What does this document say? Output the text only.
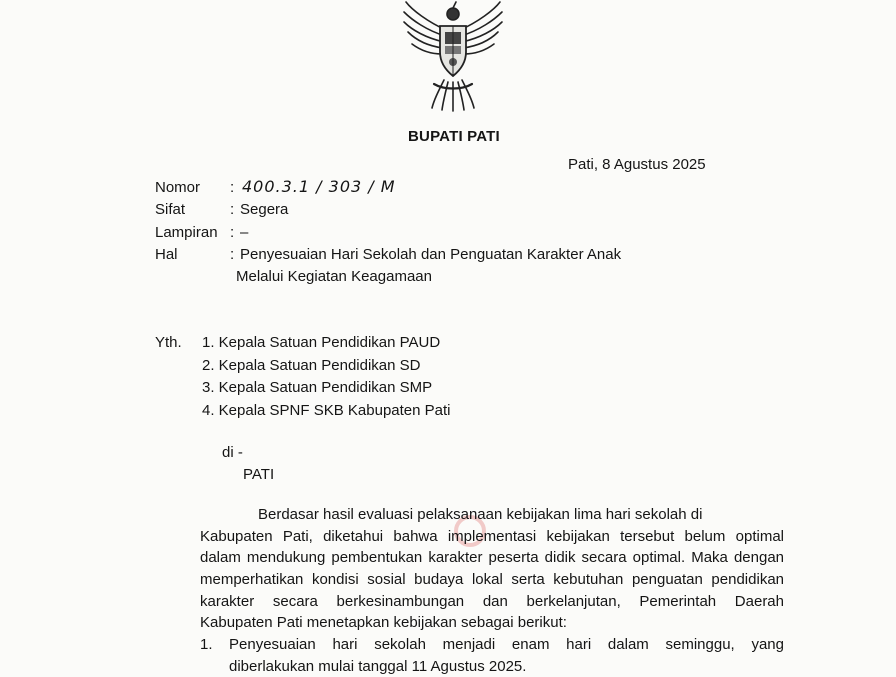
BUPATI PATI
Pati, 8 Agustus 2025
Nomor : 400.3.1 / 303 / M
Sifat	: Segera
Lampiran : –
Hal	: Penyesuaian Hari Sekolah dan Penguatan Karakter Anak
Melalui Kegiatan Keagamaan
Yth. 1. Kepala Satuan Pendidikan PAUD
2. Kepala Satuan Pendidikan SD
3. Kepala Satuan Pendidikan SMP
4. Kepala SPNF SKB Kabupaten Pati
di -
PATI
Berdasar hasil evaluasi pelaksanaan kebijakan lima hari sekolah di
Kabupaten Pati, diketahui bahwa implementasi kebijakan tersebut belum optimal
dalam mendukung pembentukan karakter peserta didik secara optimal. Maka dengan
memperhatikan kondisi sosial budaya lokal serta kebutuhan penguatan pendidikan
karakter secara berkesinambungan dan berkelanjutan, Pemerintah Daerah
Kabupaten Pati menetapkan kebijakan sebagai berikut:
1. Penyesuaian hari sekolah menjadi enam hari dalam seminggu, yang
diberlakukan mulai tanggal 11 Agustus 2025.
